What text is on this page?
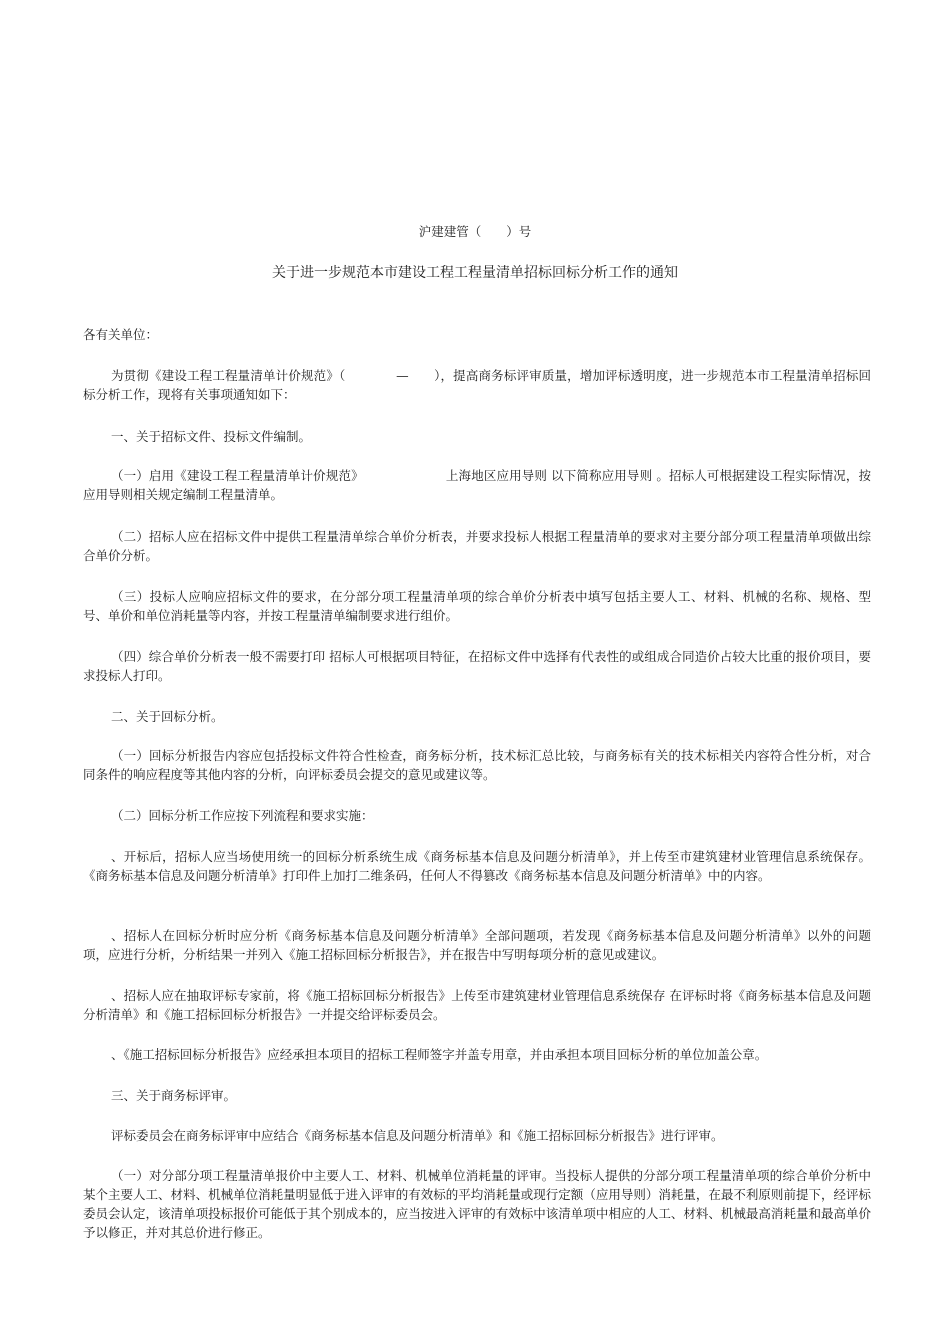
沪建建管（　　）号
关于进一步规范本市建设工程工程量清单招标回标分析工作的通知
各有关单位：

为贯彻《建设工程工程量清单计价规范》（　　　　—　　），提高商务标评审质量，增加评标透明度，进一步规范本市工程量清单招标回标分析工作，现将有关事项通知如下：

一、关于招标文件、投标文件编制。

（一）启用《建设工程工程量清单计价规范》　　　　　　　上海地区应用导则 以下简称应用导则 。招标人可根据建设工程实际情况，按应用导则相关规定编制工程量清单。

（二）招标人应在招标文件中提供工程量清单综合单价分析表，并要求投标人根据工程量清单的要求对主要分部分项工程量清单项做出综合单价分析。

（三）投标人应响应招标文件的要求，在分部分项工程量清单项的综合单价分析表中填写包括主要人工、材料、机械的名称、规格、型号、单价和单位消耗量等内容，并按工程量清单编制要求进行组价。

（四）综合单价分析表一般不需要打印 招标人可根据项目特征，在招标文件中选择有代表性的或组成合同造价占较大比重的报价项目，要求投标人打印。

二、关于回标分析。

（一）回标分析报告内容应包括投标文件符合性检查，商务标分析，技术标汇总比较，与商务标有关的技术标相关内容符合性分析，对合同条件的响应程度等其他内容的分析，向评标委员会提交的意见或建议等。

（二）回标分析工作应按下列流程和要求实施：

、开标后，招标人应当场使用统一的回标分析系统生成《商务标基本信息及问题分析清单》，并上传至市建筑建材业管理信息系统保存。《商务标基本信息及问题分析清单》打印件上加打二维条码，任何人不得篡改《商务标基本信息及问题分析清单》中的内容。

、招标人在回标分析时应分析《商务标基本信息及问题分析清单》全部问题项，若发现《商务标基本信息及问题分析清单》以外的问题项，应进行分析，分析结果一并列入《施工招标回标分析报告》，并在报告中写明每项分析的意见或建议。

、招标人应在抽取评标专家前，将《施工招标回标分析报告》上传至市建筑建材业管理信息系统保存 在评标时将《商务标基本信息及问题分析清单》和《施工招标回标分析报告》一并提交给评标委员会。

、《施工招标回标分析报告》应经承担本项目的招标工程师签字并盖专用章，并由承担本项目回标分析的单位加盖公章。

三、关于商务标评审。

评标委员会在商务标评审中应结合《商务标基本信息及问题分析清单》和《施工招标回标分析报告》进行评审。

（一）对分部分项工程量清单报价中主要人工、材料、机械单位消耗量的评审。当投标人提供的分部分项工程量清单项的综合单价分析中某个主要人工、材料、机械单位消耗量明显低于进入评审的有效标的平均消耗量或现行定额（应用导则）消耗量，在最不利原则前提下，经评标委员会认定，该清单项投标报价可能低于其个别成本的，应当按进入评审的有效标中该清单项中相应的人工、材料、机械最高消耗量和最高单价予以修正，并对其总价进行修正。
